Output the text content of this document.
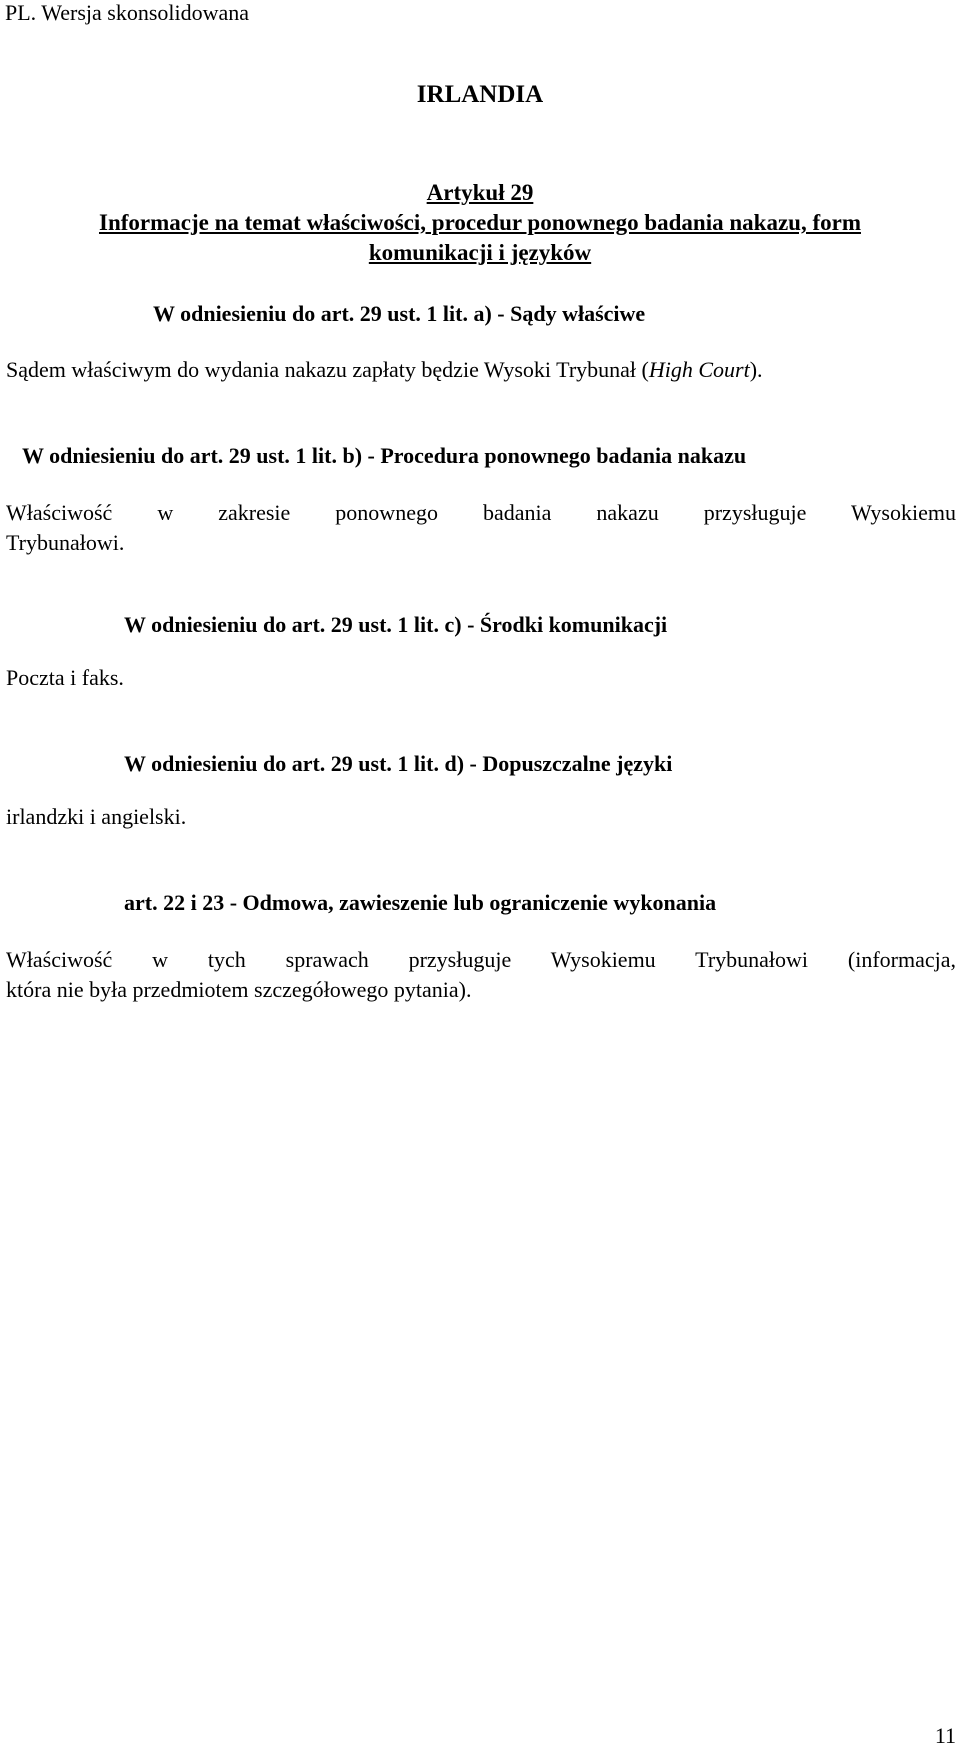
PL. Wersja skonsolidowana
IRLANDIA
Artykuł 29
Informacje na temat właściwości, procedur ponownego badania nakazu, form
komunikacji i języków
W odniesieniu do art. 29 ust. 1 lit. a) - Sądy właściwe
Sądem właściwym do wydania nakazu zapłaty będzie Wysoki Trybunał (High Court).
W odniesieniu do art. 29 ust. 1 lit. b) - Procedura ponownego badania nakazu
Właściwość w zakresie ponownego badania nakazu przysługuje Wysokiemu
Trybunałowi.
W odniesieniu do art. 29 ust. 1 lit. c) - Środki komunikacji
Poczta i faks.
W odniesieniu do art. 29 ust. 1 lit. d) - Dopuszczalne języki
irlandzki i angielski.
art. 22 i 23 - Odmowa, zawieszenie lub ograniczenie wykonania
Właściwość w tych sprawach przysługuje Wysokiemu Trybunałowi (informacja,
która nie była przedmiotem szczegółowego pytania).
11
